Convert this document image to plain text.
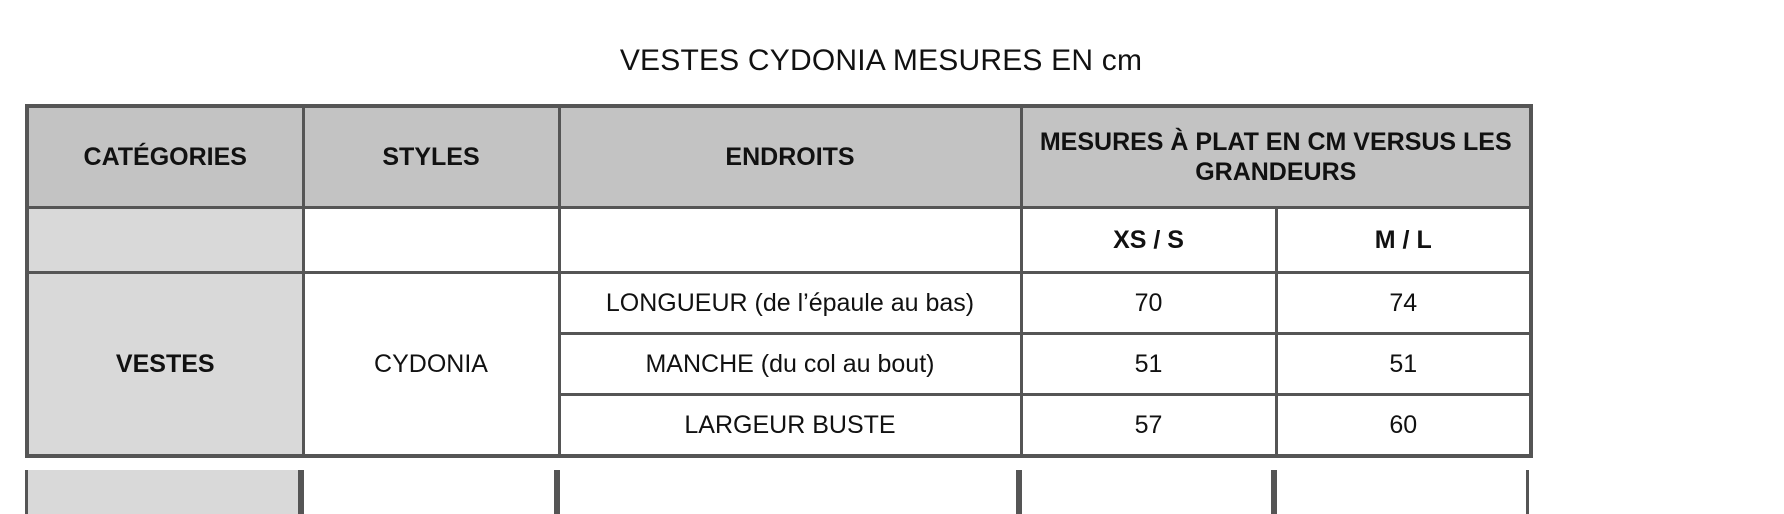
VESTES CYDONIA MESURES EN cm
CATÉGORIES	STYLES	ENDROITS	MESURES À PLAT EN CM VERSUS LES GRANDEURS	
			XS / S	M / L
VESTES	CYDONIA	LONGUEUR (de l’épaule au bas)	70	74
		MANCHE (du col au bout)	51	51
		LARGEUR BUSTE	57	60
